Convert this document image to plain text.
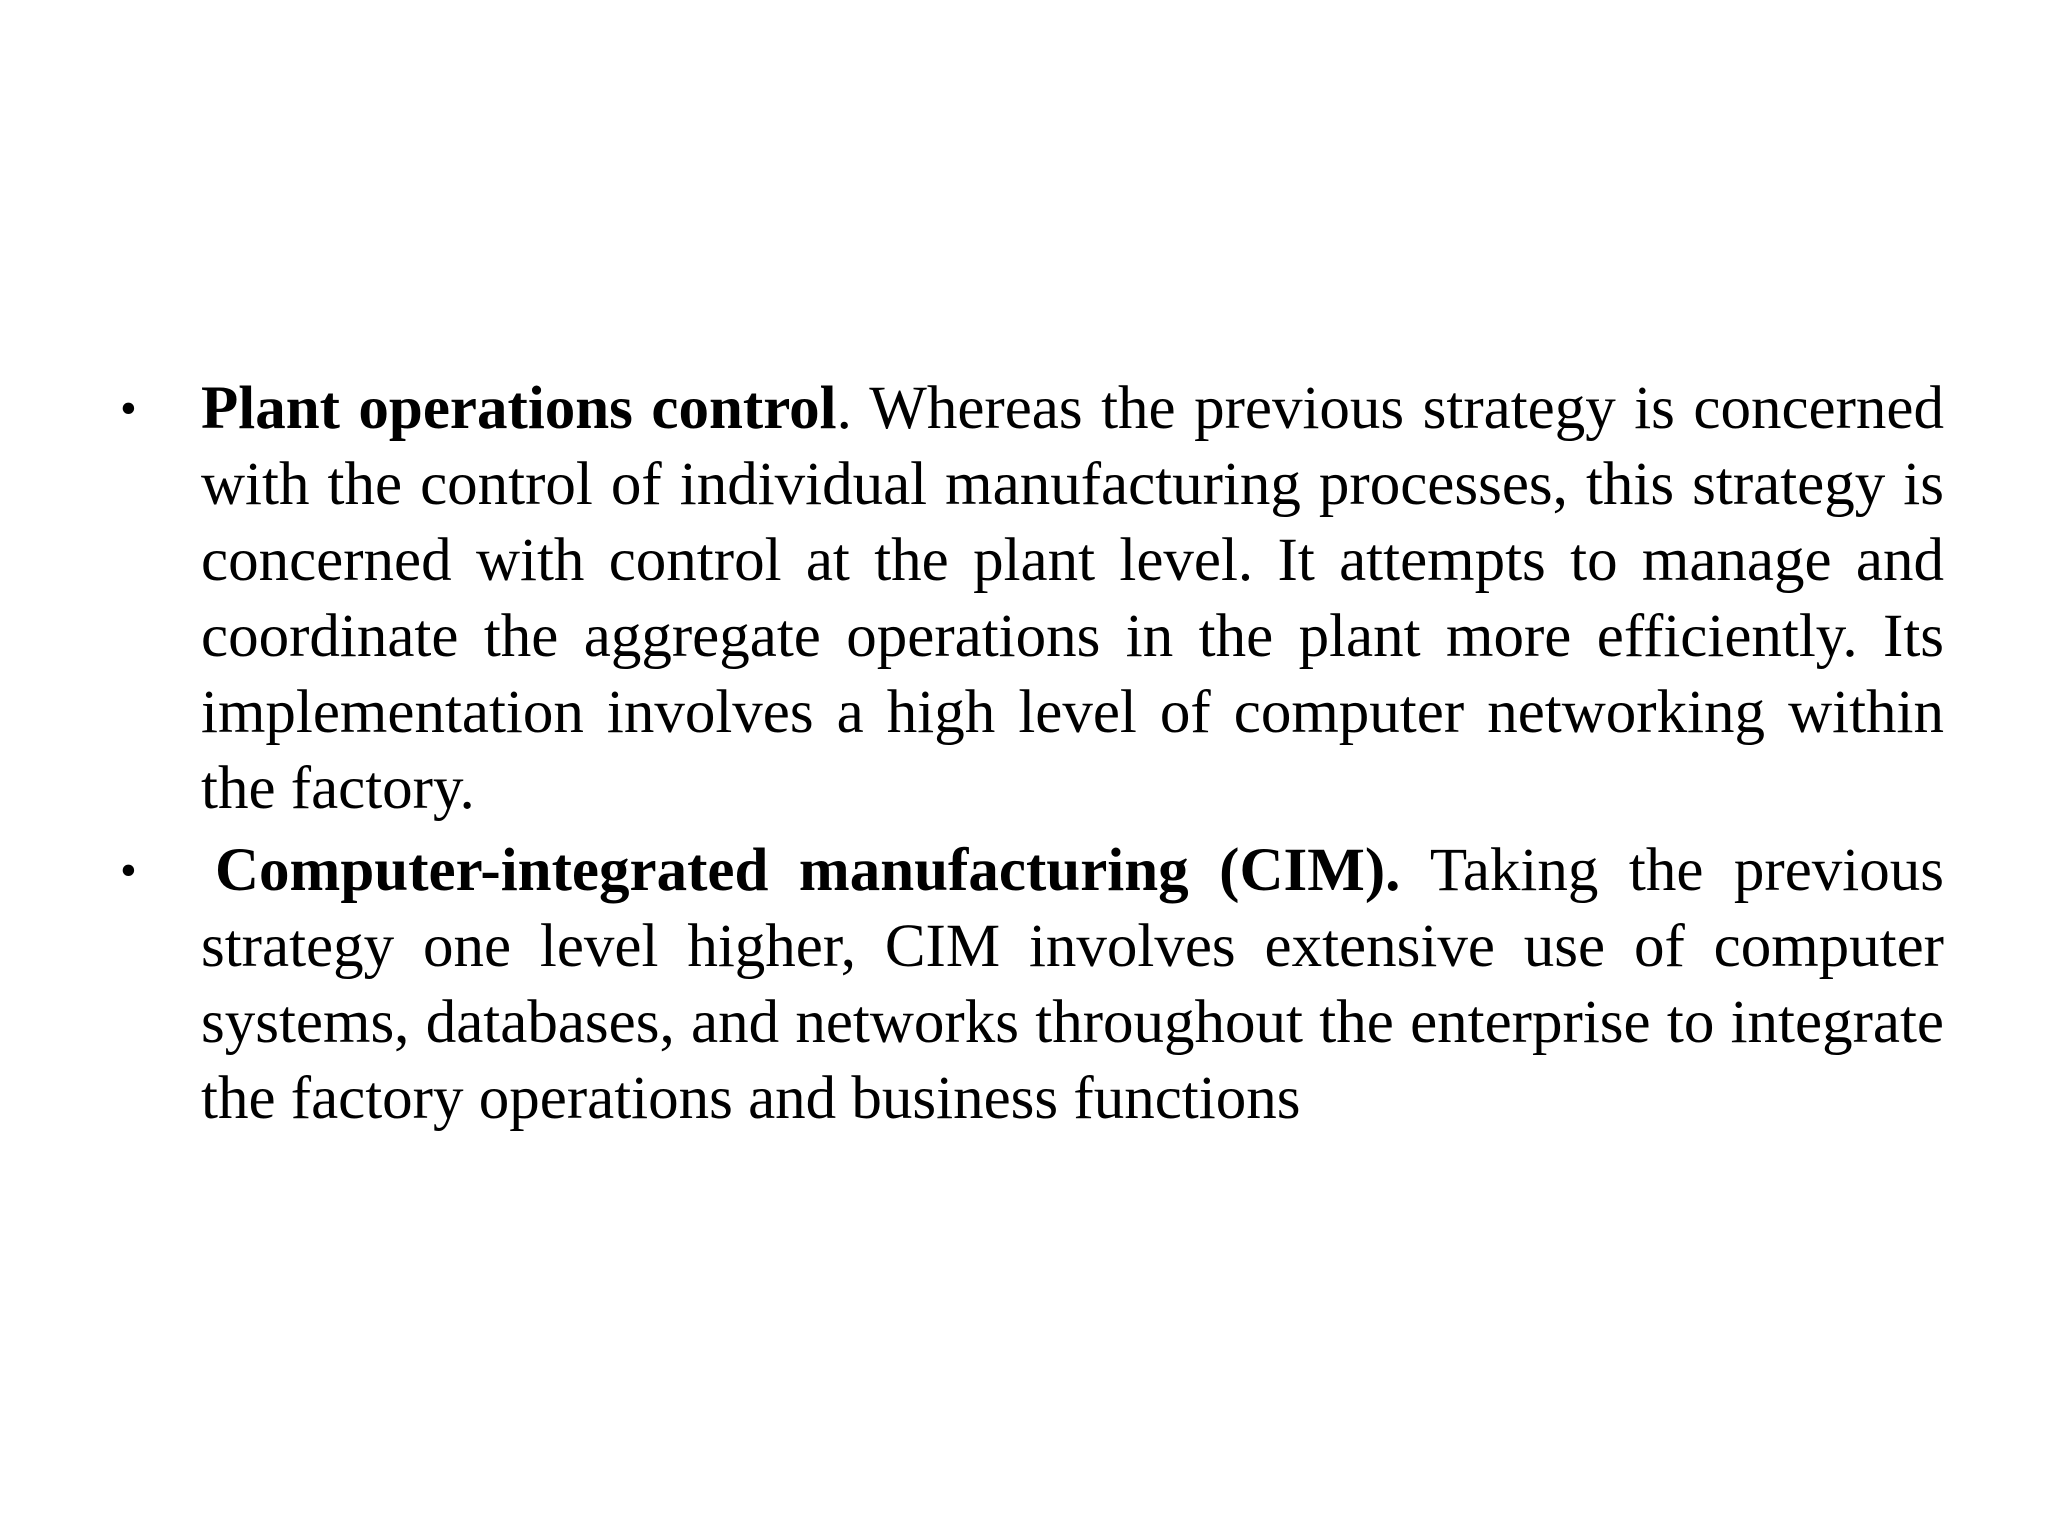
•	Plant operations control. Whereas the previous strategy is concerned with the control of individual manufacturing processes, this strategy is concerned with control at the plant level. It attempts to manage and coordinate the aggregate operations in the plant more efficiently. Its implementation involves a high level of computer networking within the factory.
•	Computer-integrated manufacturing (CIM). Taking the previous strategy one level higher, CIM involves extensive use of computer systems, databases, and networks throughout the enterprise to integrate the factory operations and business functions
